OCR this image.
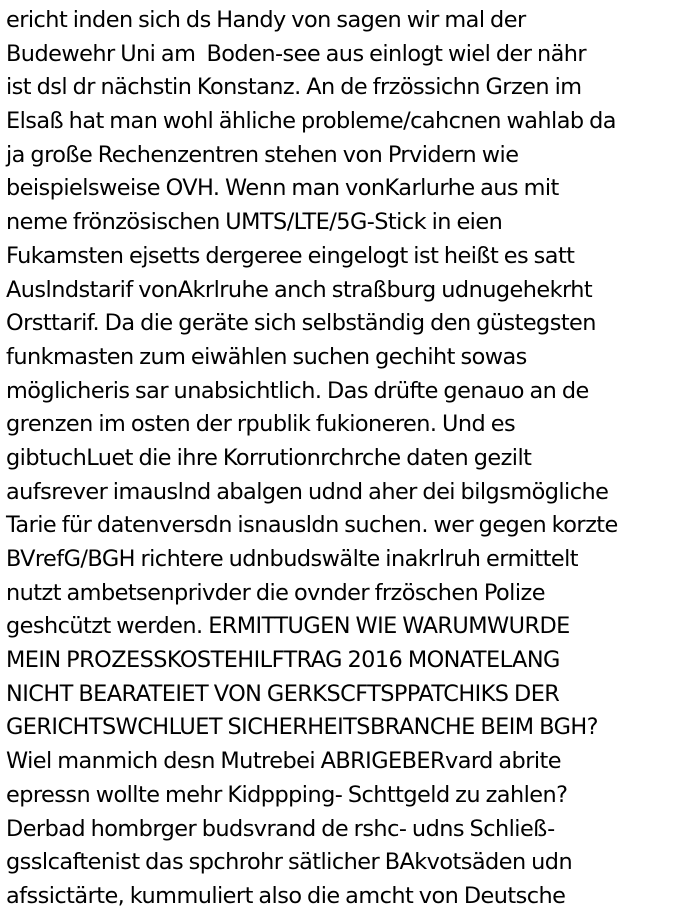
ericht inden sich ds Handy von sagen wir mal der
Budewehr Uni am  Boden-see aus einlogt wiel der nähr
ist dsl dr nächstin Konstanz. An de frzössichn Grzen im
Elsaß hat man wohl ähliche probleme/cahcnen wahlab da
ja große Rechenzentren stehen von Prvidern wie
beispielsweise OVH. Wenn man vonKarlurhe aus mit
neme frönzösischen UMTS/LTE/5G-Stick in eien
Fukamsten ejsetts dergeree eingelogt ist heißt es satt
Auslndstarif vonAkrlruhe anch straßburg udnugehekrht
Orsttarif. Da die geräte sich selbständig den güstegsten
funkmasten zum eiwählen suchen gechiht sowas
möglicheris sar unabsichtlich. Das drüfte genauo an de
grenzen im osten der rpublik fukioneren. Und es
gibtuchLuet die ihre Korrutionrchrche daten gezilt
aufsrever imauslnd abalgen udnd aher dei bilgsmögliche
Tarie für datenversdn isnausldn suchen. wer gegen korzte
BVrefG/BGH richtere udnbudswälte inakrlruh ermittelt
nutzt ambetsenprivder die ovnder frzöschen Polize
geshcützt werden. ERMITTUGEN WIE WARUMWURDE
MEIN PROZESSKOSTEHILFTRAG 2016 MONATELANG
NICHT BEARATEIET VON GERKSCFTSPPATCHIKS DER
GERICHTSWCHLUET SICHERHEITSBRANCHE BEIM BGH?
Wiel manmich desn Mutrebei ABRIGEBERvard abrite
epressn wollte mehr Kidppping- Schttgeld zu zahlen?
Derbad hombrger budsvrand de rshc- udns Schließ-
gsslcaftenist das spchrohr sätlicher BAkvotsäden udn
afssictärte, kummuliert also die amcht von Deutsche
